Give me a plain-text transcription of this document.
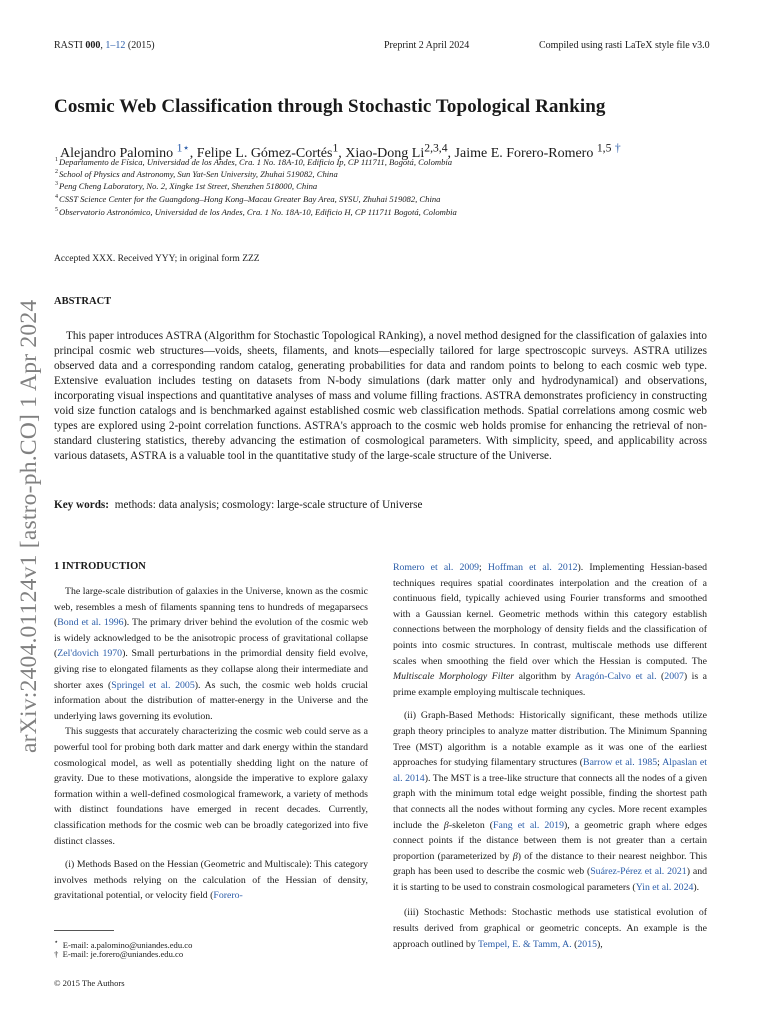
RASTI 000, 1–12 (2015)	Preprint 2 April 2024	Compiled using rasti LaTeX style file v3.0
arXiv:2404.01124v1 [astro-ph.CO] 1 Apr 2024
Cosmic Web Classification through Stochastic Topological Ranking
Alejandro Palomino $^{1⋆}$, Felipe L. Gómez-Cortés$^1$, Xiao-Dong Li$^{2,3,4}$, Jaime E. Forero-Romero $^{1,5}$ †
$^1$Departamento de Física, Universidad de los Andes, Cra. 1 No. 18A-10, Edificio Ip, CP 111711, Bogotá, Colombia
$^2$School of Physics and Astronomy, Sun Yat-Sen University, Zhuhai 519082, China
$^3$Peng Cheng Laboratory, No. 2, Xingke 1st Street, Shenzhen 518000, China
$^4$CSST Science Center for the Guangdong–Hong Kong–Macau Greater Bay Area, SYSU, Zhuhai 519082, China
$^5$Observatorio Astronómico, Universidad de los Andes, Cra. 1 No. 18A-10, Edificio H, CP 111711 Bogotá, Colombia
Accepted XXX. Received YYY; in original form ZZZ
ABSTRACT
This paper introduces ASTRA (Algorithm for Stochastic Topological RAnking), a novel method designed for the classification of galaxies into principal cosmic web structures—voids, sheets, filaments, and knots—especially tailored for large spectroscopic surveys. ASTRA utilizes observed data and a corresponding random catalog, generating probabilities for data and random points to belong to each cosmic web type. Extensive evaluation includes testing on datasets from N-body simulations (dark matter only and hydrodynamical) and observations, incorporating visual inspections and quantitative analyses of mass and volume filling fractions. ASTRA demonstrates proficiency in constructing void size function catalogs and is benchmarked against established cosmic web classification methods. Spatial correlations among cosmic web types are explored using 2-point correlation functions. ASTRA's approach to the cosmic web holds promise for enhancing the retrieval of non-standard clustering statistics, thereby advancing the estimation of cosmological parameters. With simplicity, speed, and applicability across various datasets, ASTRA is a valuable tool in the quantitative study of the large-scale structure of the Universe.
Key words: methods: data analysis; cosmology: large-scale structure of Universe
1 INTRODUCTION

The large-scale distribution of galaxies in the Universe, known as the cosmic web, resembles a mesh of filaments spanning tens to hundreds of megaparsecs (Bond et al. 1996). The primary driver behind the evolution of the cosmic web is widely acknowledged to be the anisotropic process of gravitational collapse (Zel'dovich 1970). Small perturbations in the primordial density field evolve, giving rise to elongated filaments as they collapse along their intermediate and shorter axes (Springel et al. 2005). As such, the cosmic web holds crucial information about the distribution of matter-energy in the Universe and the underlying laws governing its evolution.

This suggests that accurately characterizing the cosmic web could serve as a powerful tool for probing both dark matter and dark energy within the standard cosmological model, as well as potentially shedding light on the nature of gravity. Due to these motivations, alongside the imperative to explore galaxy formation within a well-defined cosmological framework, a variety of methods with distinct foundations have emerged in recent decades. Currently, classification methods for the cosmic web can be broadly categorized into five distinct classes.

(i) Methods Based on the Hessian (Geometric and Multiscale): This category involves methods relying on the calculation of the Hessian of density, gravitational potential, or velocity field (Forero-

Romero et al. 2009; Hoffman et al. 2012). Implementing Hessian-based techniques requires spatial coordinates interpolation and the creation of a continuous field, typically achieved using Fourier transforms and smoothed with a Gaussian kernel. Geometric methods within this category establish connections between the morphology of density fields and the classification of points into cosmic structures. In contrast, multiscale methods use different scales when smoothing the field over which the Hessian is computed. The Multiscale Morphology Filter algorithm by Aragón-Calvo et al. (2007) is a prime example employing multiscale techniques.

(ii) Graph-Based Methods: Historically significant, these methods utilize graph theory principles to analyze matter distribution. The Minimum Spanning Tree (MST) algorithm is a notable example as it was one of the earliest approaches for studying filamentary structures (Barrow et al. 1985; Alpaslan et al. 2014). The MST is a tree-like structure that connects all the nodes of a given graph with the minimum total edge weight possible, finding the shortest path that connects all the nodes without forming any cycles. More recent examples include the β-skeleton (Fang et al. 2019), a geometric graph where edges connect points if the distance between them is not greater than a certain proportion (parameterized by β) of the distance to their nearest neighbor. This graph has been used to describe the cosmic web (Suárez-Pérez et al. 2021) and it is starting to be used to constrain cosmological parameters (Yin et al. 2024).

(iii) Stochastic Methods: Stochastic methods use statistical evolution of results derived from graphical or geometric concepts. An example is the approach outlined by Tempel, E. & Tamm, A. (2015),

⋆ E-mail: a.palomino@uniandes.edu.co
† E-mail: je.forero@uniandes.edu.co
© 2015 The Authors
